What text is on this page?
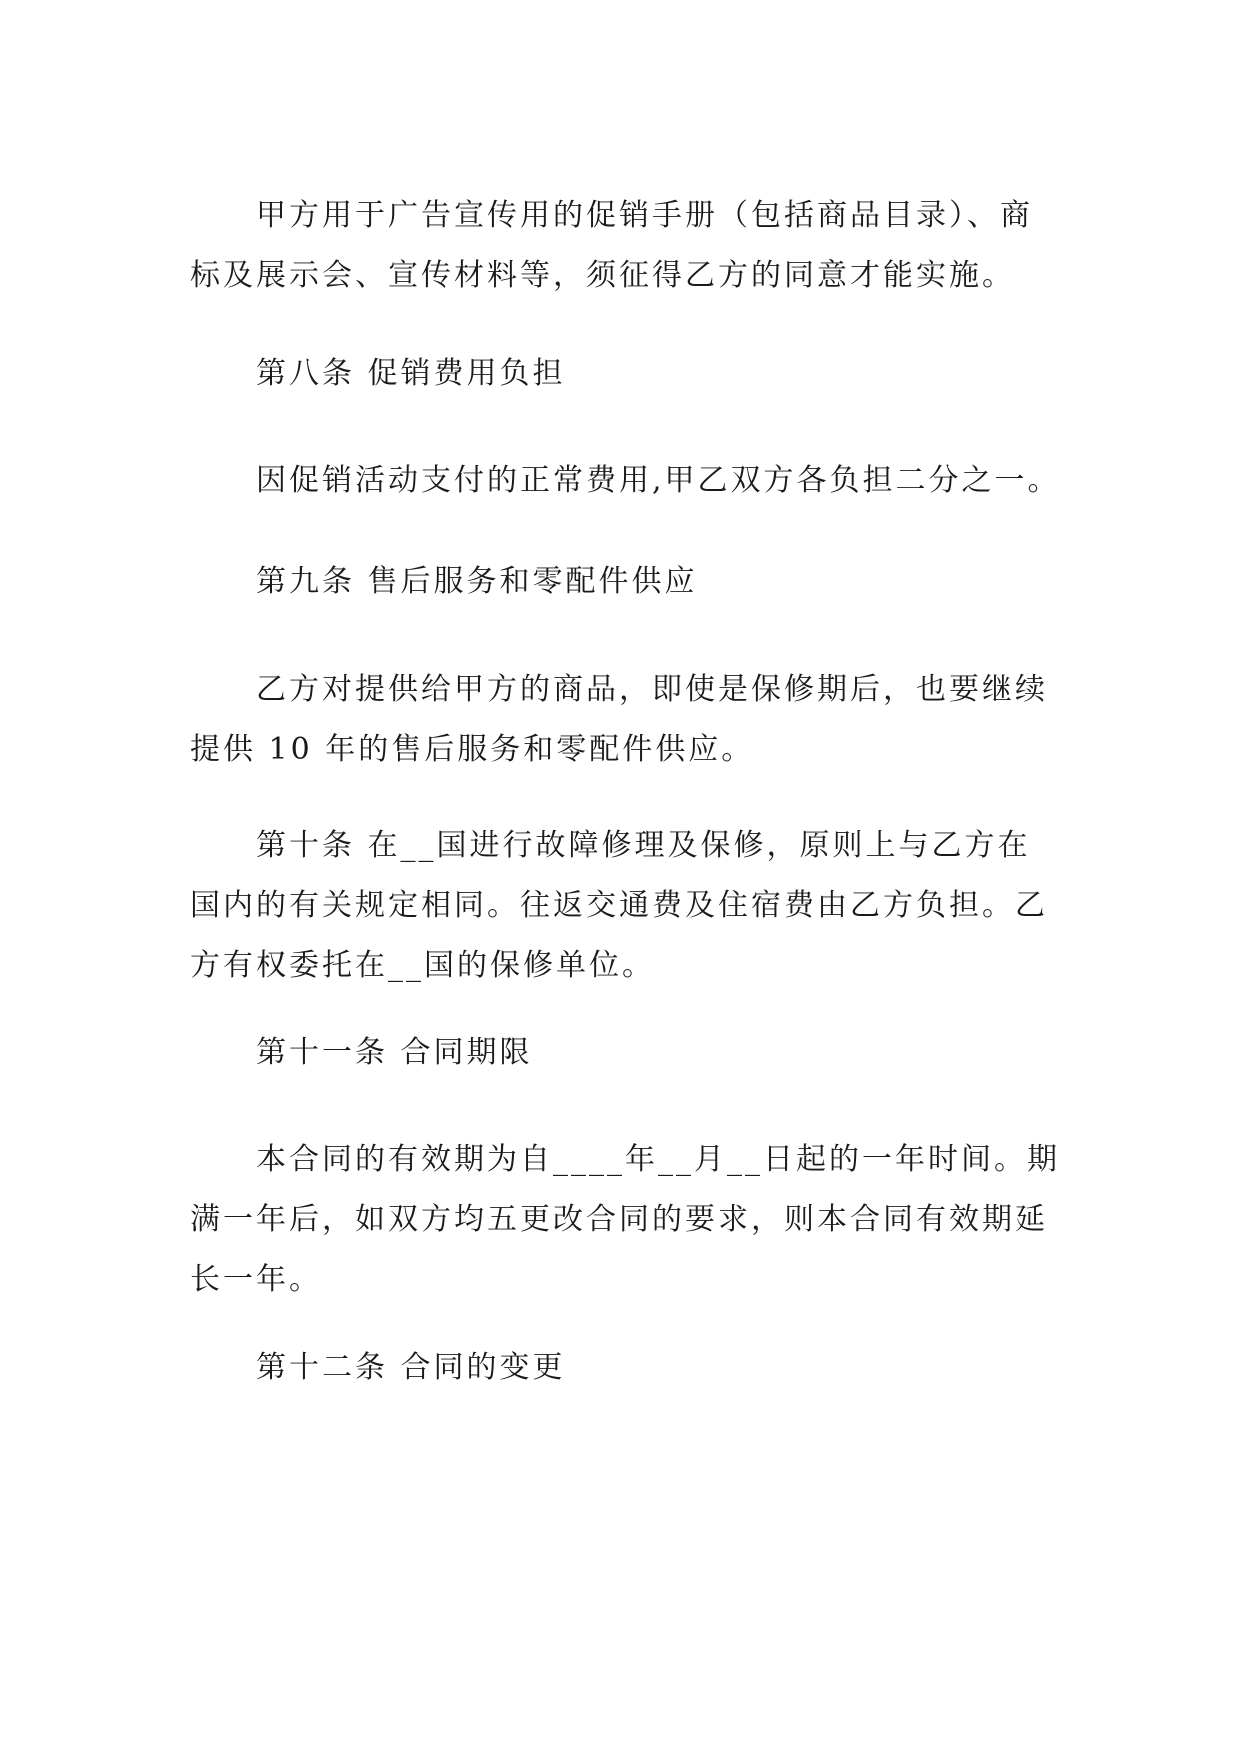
甲方用于广告宣传用的促销手册（包括商品目录）、商
标及展示会、宣传材料等，须征得乙方的同意才能实施。

第八条 促销费用负担

因促销活动支付的正常费用,甲乙双方各负担二分之一。

第九条 售后服务和零配件供应

乙方对提供给甲方的商品，即使是保修期后，也要继续
提供 10 年的售后服务和零配件供应。

第十条 在__国进行故障修理及保修，原则上与乙方在
国内的有关规定相同。往返交通费及住宿费由乙方负担。乙
方有权委托在__国的保修单位。

第十一条 合同期限

本合同的有效期为自____年__月__日起的一年时间。期
满一年后，如双方均五更改合同的要求，则本合同有效期延
长一年。

第十二条 合同的变更
